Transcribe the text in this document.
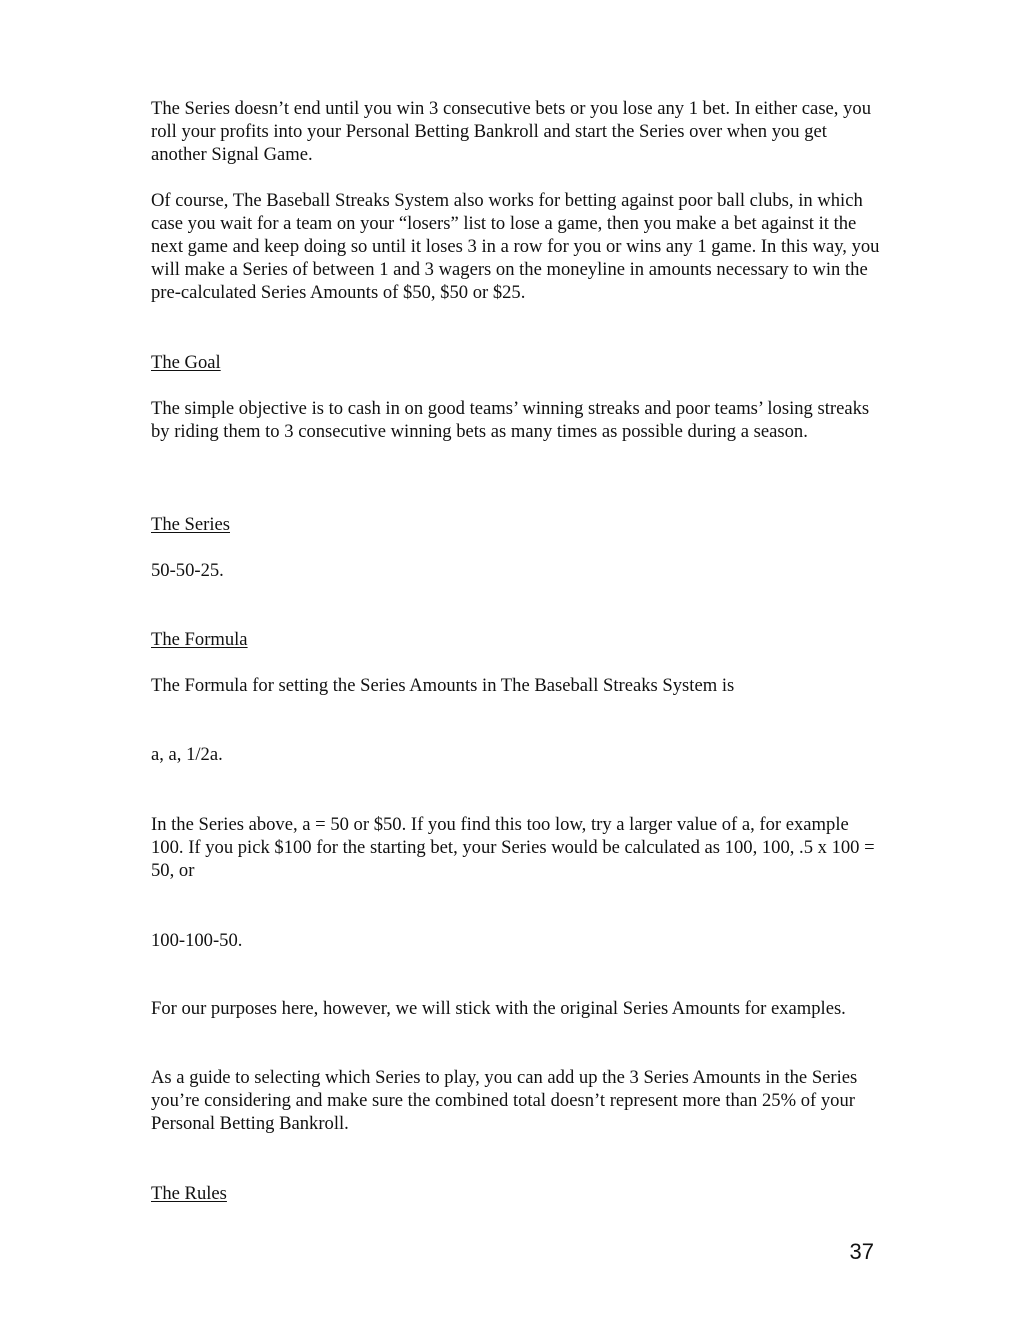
The Series doesn’t end until you win 3 consecutive bets or you lose any 1 bet. In either case, you roll your profits into your Personal Betting Bankroll and start the Series over when you get another Signal Game.

Of course, The Baseball Streaks System also works for betting against poor ball clubs, in which case you wait for a team on your “losers” list to lose a game, then you make a bet against it the next game and keep doing so until it loses 3 in a row for you or wins any 1 game. In this way, you will make a Series of between 1 and 3 wagers on the moneyline in amounts necessary to win the pre-calculated Series Amounts of $50, $50 or $25.

The Goal

The simple objective is to cash in on good teams’ winning streaks and poor teams’ losing streaks by riding them to 3 consecutive winning bets as many times as possible during a season.

The Series

50-50-25.

The Formula

The Formula for setting the Series Amounts in The Baseball Streaks System is

a, a, 1/2a.

In the Series above, a = 50 or $50. If you find this too low, try a larger value of a, for example 100. If you pick $100 for the starting bet, your Series would be calculated as 100, 100, .5 x 100 = 50, or

100-100-50.

For our purposes here, however, we will stick with the original Series Amounts for examples.

As a guide to selecting which Series to play, you can add up the 3 Series Amounts in the Series you’re considering and make sure the combined total doesn’t represent more than 25% of your Personal Betting Bankroll.

The Rules

37
